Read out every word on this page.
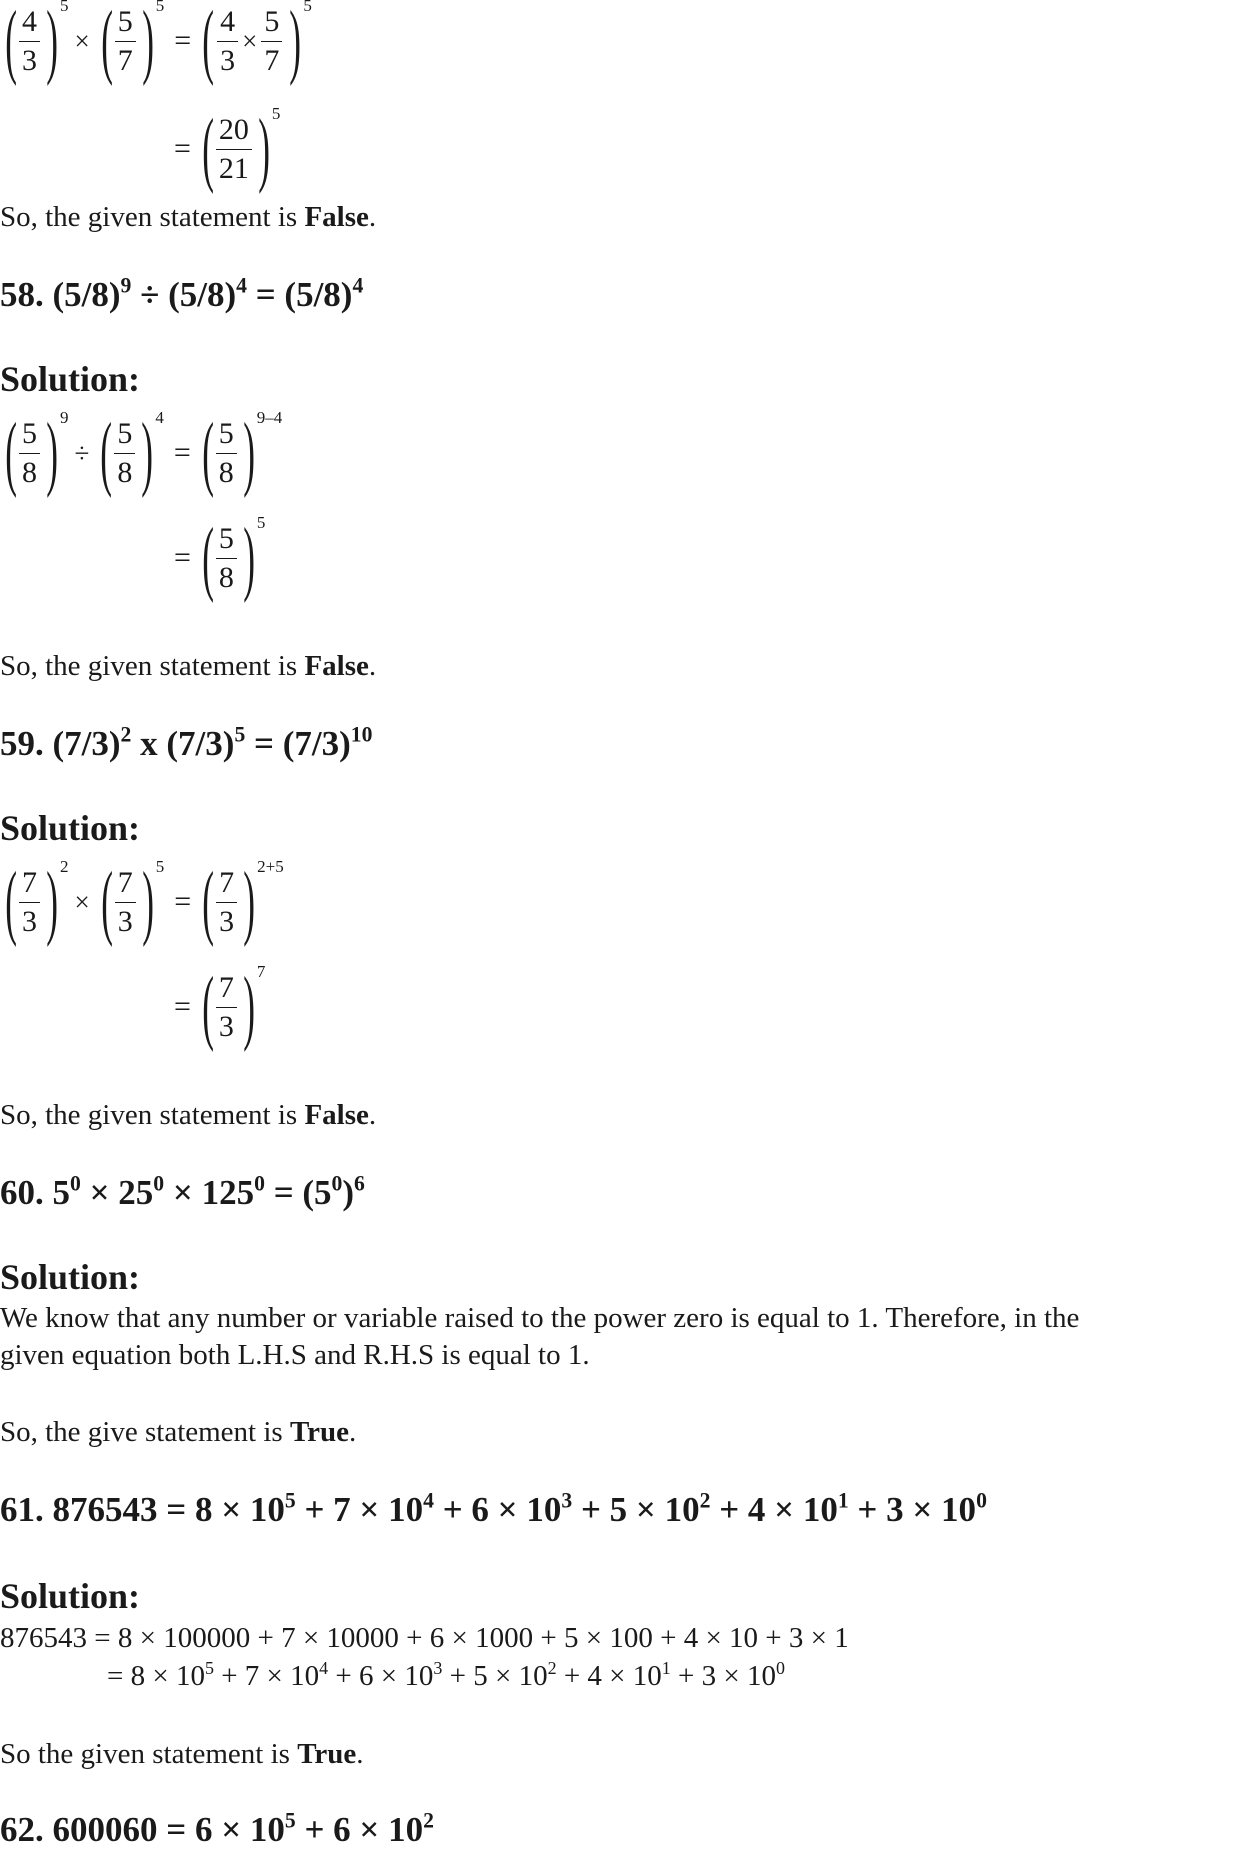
( $\frac{4}{3}$ ) 5
× ( $\frac{5}{7}$ ) 5
= ( $\frac{4}{3} \times \frac{5}{7}$ ) 5
= ( $\frac{20}{21}$ ) 5
So, the given statement is False.
58. $(5/8)^9 \div (5/8)^4 = (5/8)^4$
Solution:
( $\frac{5}{8}$ ) 9
÷ ( $\frac{5}{8}$ ) 4
= ( $\frac{5}{8}$ ) 9–4
= ( $\frac{5}{8}$ ) 5
So, the given statement is False.
59. $(7/3)^2$ x $(7/3)^5 = (7/3)^{10}$
Solution:
( $\frac{7}{3}$ ) 2
× ( $\frac{7}{3}$ ) 5
= ( $\frac{7}{3}$ ) 2+5
= ( $\frac{7}{3}$ ) 7
So, the given statement is False.
60. $5^0 \times 25^0 \times 125^0 = (5^0)^6$
Solution:
We know that any number or variable raised to the power zero is equal to 1. Therefore, in the
given equation both L.H.S and R.H.S is equal to 1.
So, the give statement is True.
61. $876543 = 8 \times 10^5 + 7 \times 10^4 + 6 \times 10^3 + 5 \times 10^2 + 4 \times 10^1 + 3 \times 10^0$
Solution:
876543 = 8 × 100000 + 7 × 10000 + 6 × 1000 + 5 × 100 + 4 × 10 + 3 × 1
= $8 \times 10^5 + 7 \times 10^4 + 6 \times 10^3 + 5 \times 10^2 + 4 \times 10^1 + 3 \times 10^0$
So the given statement is True.
62. $600060 = 6 \times 10^5 + 6 \times 10^2$
